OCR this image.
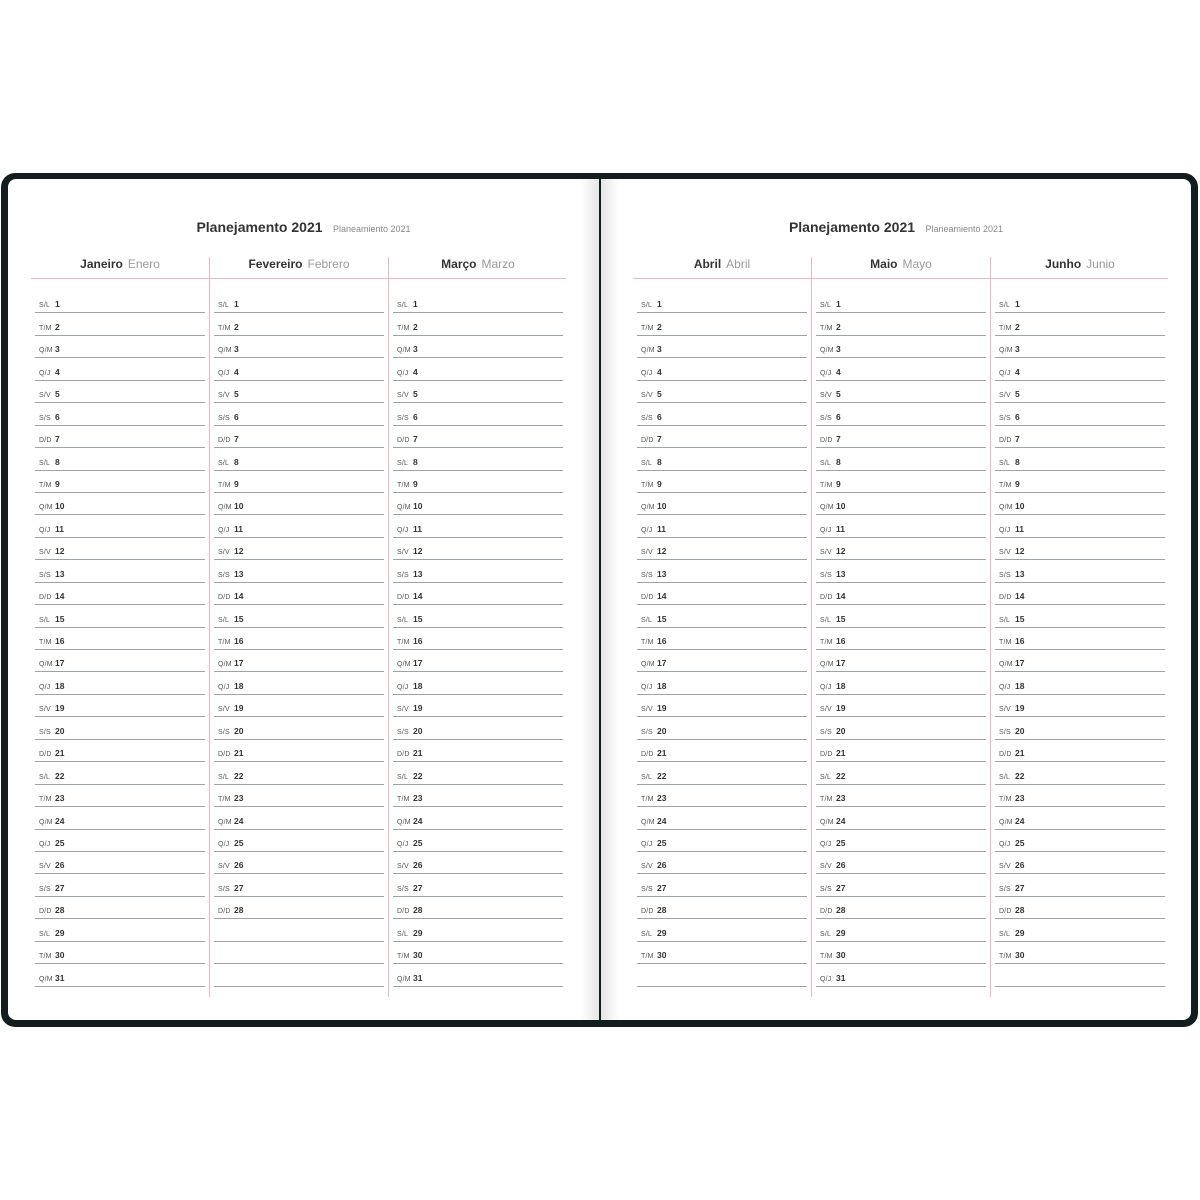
Planejamento 2021 Planeamiento 2021
Janeiro Enero
S/L 1
T/M 2
Q/M 3
Q/J 4
S/V 5
S/S 6
D/D 7
S/L 8
T/M 9
Q/M 10
Q/J 11
S/V 12
S/S 13
D/D 14
S/L 15
T/M 16
Q/M 17
Q/J 18
S/V 19
S/S 20
D/D 21
S/L 22
T/M 23
Q/M 24
Q/J 25
S/V 26
S/S 27
D/D 28
S/L 29
T/M 30
Q/M 31
Fevereiro Febrero
S/L 1
T/M 2
Q/M 3
Q/J 4
S/V 5
S/S 6
D/D 7
S/L 8
T/M 9
Q/M 10
Q/J 11
S/V 12
S/S 13
D/D 14
S/L 15
T/M 16
Q/M 17
Q/J 18
S/V 19
S/S 20
D/D 21
S/L 22
T/M 23
Q/M 24
Q/J 25
S/V 26
S/S 27
D/D 28
Março Marzo
S/L 1
T/M 2
Q/M 3
Q/J 4
S/V 5
S/S 6
D/D 7
S/L 8
T/M 9
Q/M 10
Q/J 11
S/V 12
S/S 13
D/D 14
S/L 15
T/M 16
Q/M 17
Q/J 18
S/V 19
S/S 20
D/D 21
S/L 22
T/M 23
Q/M 24
Q/J 25
S/V 26
S/S 27
D/D 28
S/L 29
T/M 30
Q/M 31
Planejamento 2021 Planeamiento 2021
Abril Abril
S/L 1
T/M 2
Q/M 3
Q/J 4
S/V 5
S/S 6
D/D 7
S/L 8
T/M 9
Q/M 10
Q/J 11
S/V 12
S/S 13
D/D 14
S/L 15
T/M 16
Q/M 17
Q/J 18
S/V 19
S/S 20
D/D 21
S/L 22
T/M 23
Q/M 24
Q/J 25
S/V 26
S/S 27
D/D 28
S/L 29
T/M 30
Maio Mayo
S/L 1
T/M 2
Q/M 3
Q/J 4
S/V 5
S/S 6
D/D 7
S/L 8
T/M 9
Q/M 10
Q/J 11
S/V 12
S/S 13
D/D 14
S/L 15
T/M 16
Q/M 17
Q/J 18
S/V 19
S/S 20
D/D 21
S/L 22
T/M 23
Q/M 24
Q/J 25
S/V 26
S/S 27
D/D 28
S/L 29
T/M 30
Q/J 31
Junho Junio
S/L 1
T/M 2
Q/M 3
Q/J 4
S/V 5
S/S 6
D/D 7
S/L 8
T/M 9
Q/M 10
Q/J 11
S/V 12
S/S 13
D/D 14
S/L 15
T/M 16
Q/M 17
Q/J 18
S/V 19
S/S 20
D/D 21
S/L 22
T/M 23
Q/M 24
Q/J 25
S/V 26
S/S 27
D/D 28
S/L 29
T/M 30
